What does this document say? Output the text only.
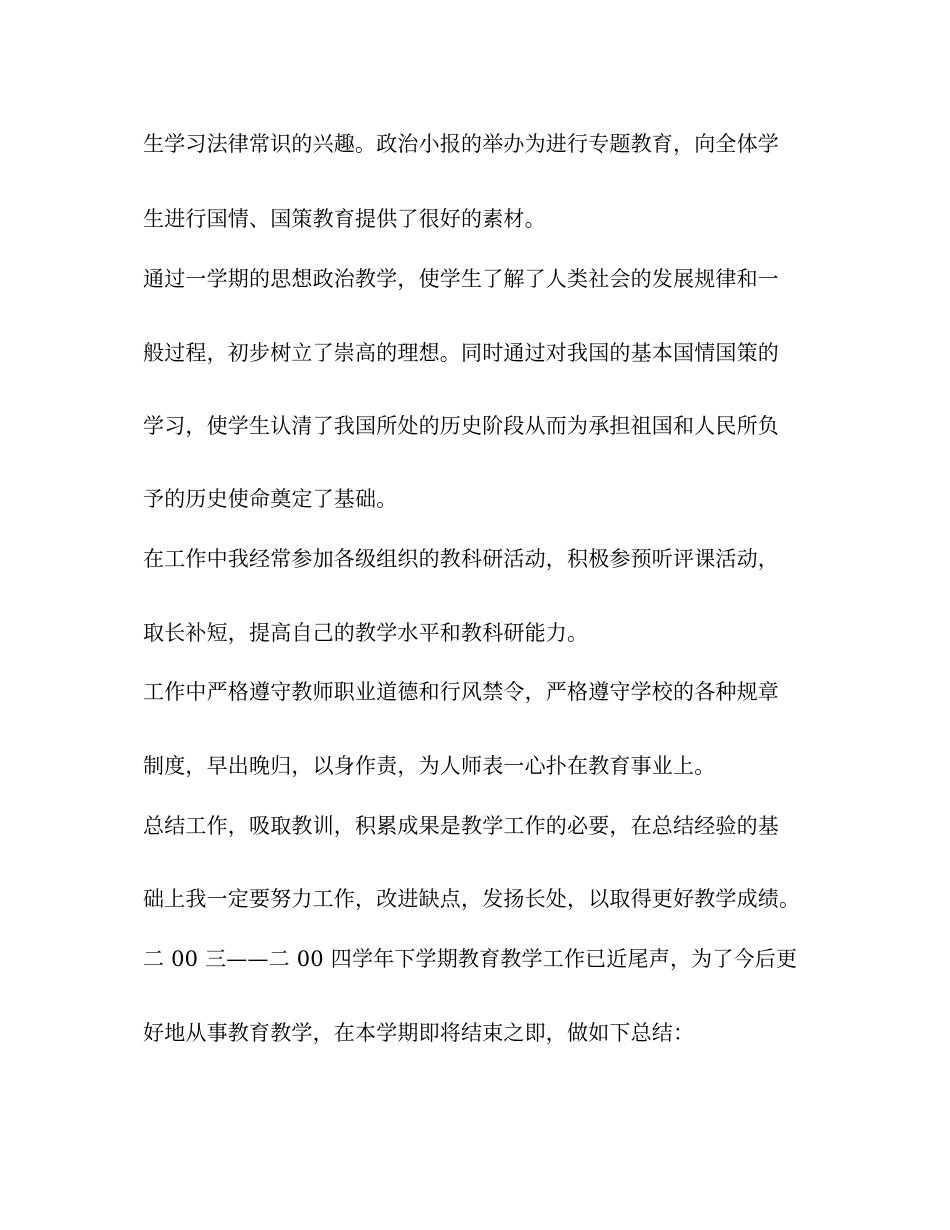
生学习法律常识的兴趣。政治小报的举办为进行专题教育，向全体学
生进行国情、国策教育提供了很好的素材。
通过一学期的思想政治教学，使学生了解了人类社会的发展规律和一
般过程，初步树立了崇高的理想。同时通过对我国的基本国情国策的
学习，使学生认清了我国所处的历史阶段从而为承担祖国和人民所负
予的历史使命奠定了基础。
在工作中我经常参加各级组织的教科研活动，积极参预听评课活动，
取长补短，提高自己的教学水平和教科研能力。
工作中严格遵守教师职业道德和行风禁令，严格遵守学校的各种规章
制度，早出晚归，以身作责，为人师表一心扑在教育事业上。
总结工作，吸取教训，积累成果是教学工作的必要，在总结经验的基
础上我一定要努力工作，改进缺点，发扬长处，以取得更好教学成绩。
二 00 三——二 00 四学年下学期教育教学工作已近尾声，为了今后更
好地从事教育教学，在本学期即将结束之即，做如下总结：
